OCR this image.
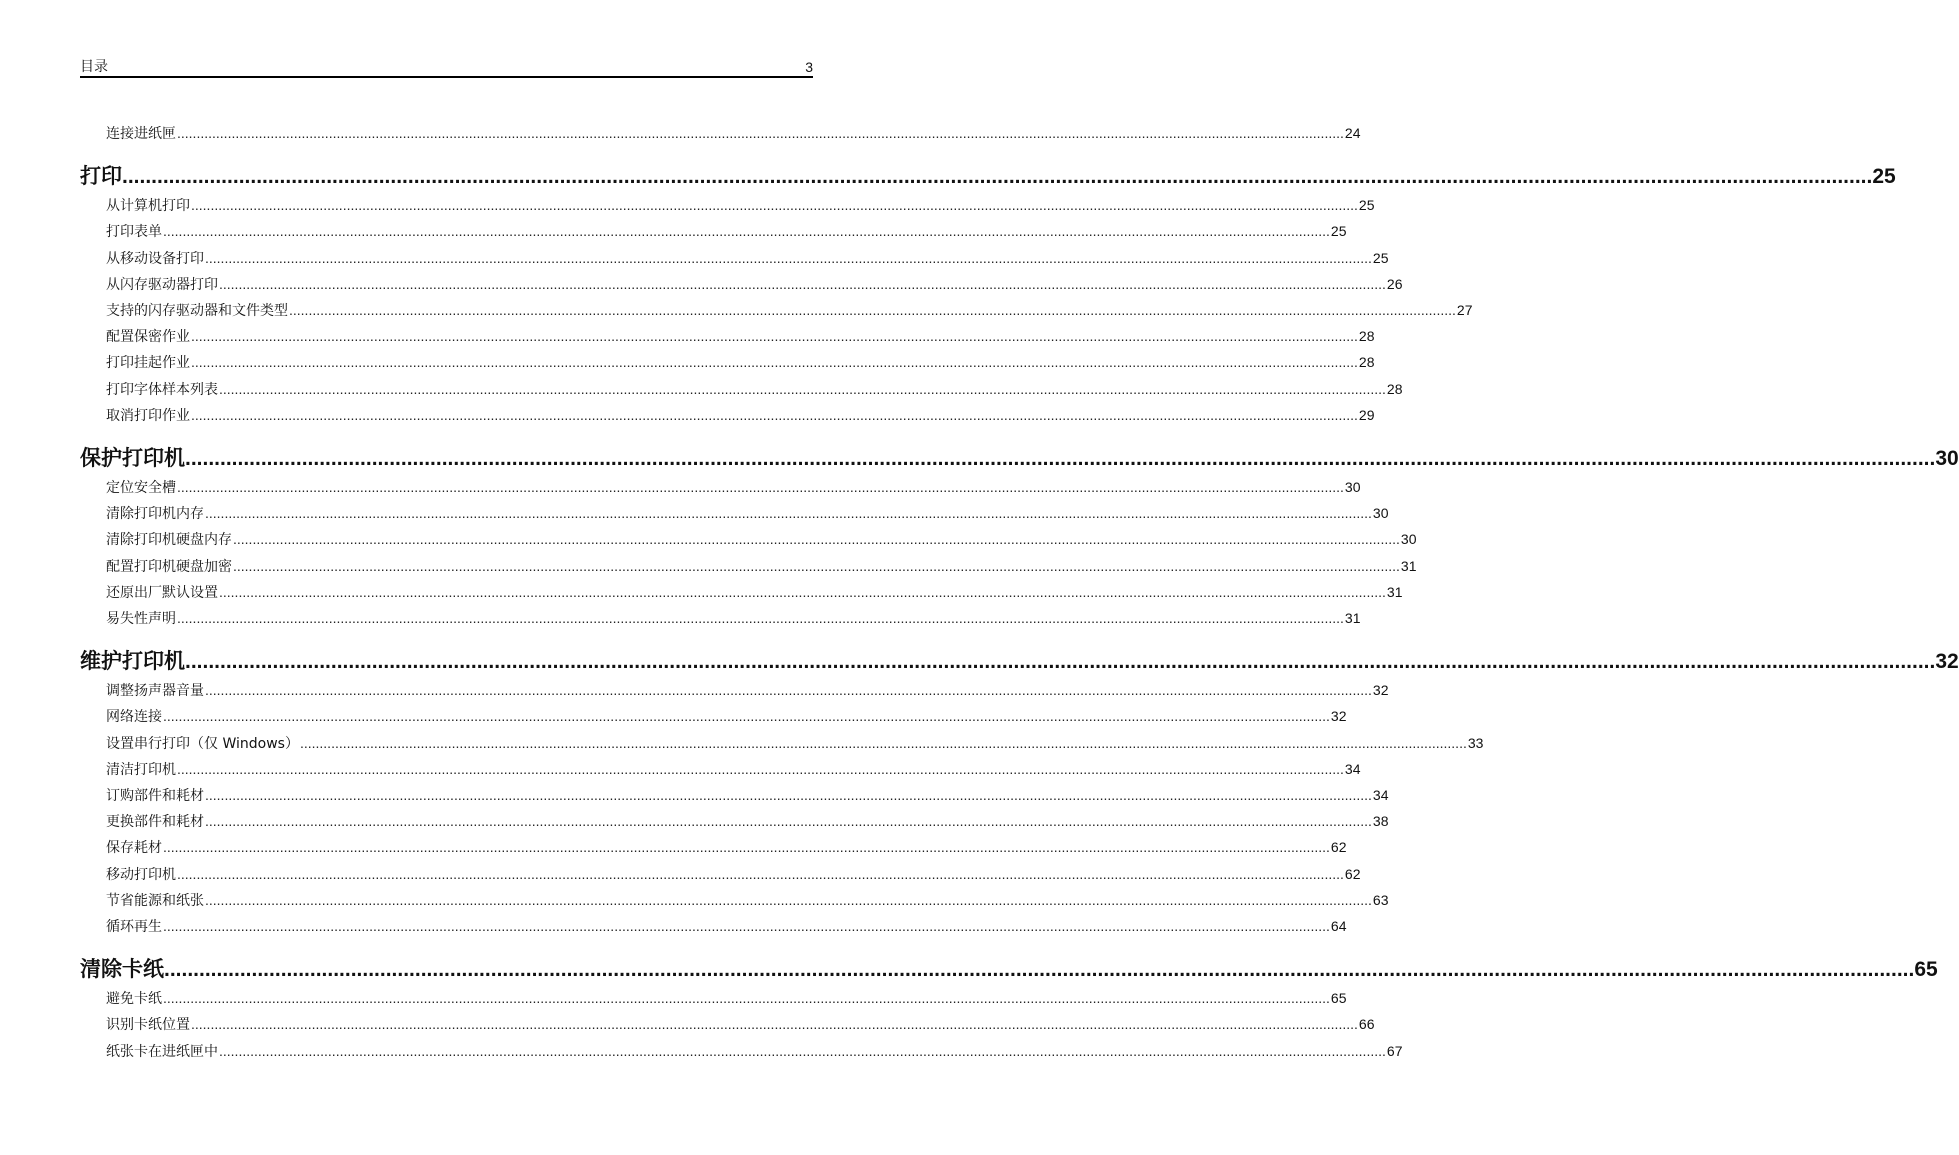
目录	3
连接进纸匣 ............................................................................................................................................................................................................................................................................................................ 24
打印 ............................................................................................................................................................................................................................................................................................................ 25
从计算机打印 ............................................................................................................................................................................................................................................................................................................ 25
打印表单 ............................................................................................................................................................................................................................................................................................................ 25
从移动设备打印 ............................................................................................................................................................................................................................................................................................................ 25
从闪存驱动器打印 ............................................................................................................................................................................................................................................................................................................ 26
支持的闪存驱动器和文件类型 ............................................................................................................................................................................................................................................................................................................ 27
配置保密作业 ............................................................................................................................................................................................................................................................................................................ 28
打印挂起作业 ............................................................................................................................................................................................................................................................................................................ 28
打印字体样本列表 ............................................................................................................................................................................................................................................................................................................ 28
取消打印作业 ............................................................................................................................................................................................................................................................................................................ 29
保护打印机 ............................................................................................................................................................................................................................................................................................................ 30
定位安全槽 ............................................................................................................................................................................................................................................................................................................ 30
清除打印机内存 ............................................................................................................................................................................................................................................................................................................ 30
清除打印机硬盘内存 ............................................................................................................................................................................................................................................................................................................ 30
配置打印机硬盘加密 ............................................................................................................................................................................................................................................................................................................ 31
还原出厂默认设置 ............................................................................................................................................................................................................................................................................................................ 31
易失性声明 ............................................................................................................................................................................................................................................................................................................ 31
维护打印机 ............................................................................................................................................................................................................................................................................................................ 32
调整扬声器音量 ............................................................................................................................................................................................................................................................................................................ 32
网络连接 ............................................................................................................................................................................................................................................................................................................ 32
设置串行打印（仅 Windows） ............................................................................................................................................................................................................................................................................................................ 33
清洁打印机 ............................................................................................................................................................................................................................................................................................................ 34
订购部件和耗材 ............................................................................................................................................................................................................................................................................................................ 34
更换部件和耗材 ............................................................................................................................................................................................................................................................................................................ 38
保存耗材 ............................................................................................................................................................................................................................................................................................................ 62
移动打印机 ............................................................................................................................................................................................................................................................................................................ 62
节省能源和纸张 ............................................................................................................................................................................................................................................................................................................ 63
循环再生 ............................................................................................................................................................................................................................................................................................................ 64
清除卡纸 ............................................................................................................................................................................................................................................................................................................ 65
避免卡纸 ............................................................................................................................................................................................................................................................................................................ 65
识别卡纸位置 ............................................................................................................................................................................................................................................................................................................ 66
纸张卡在进纸匣中 ............................................................................................................................................................................................................................................................................................................ 67
